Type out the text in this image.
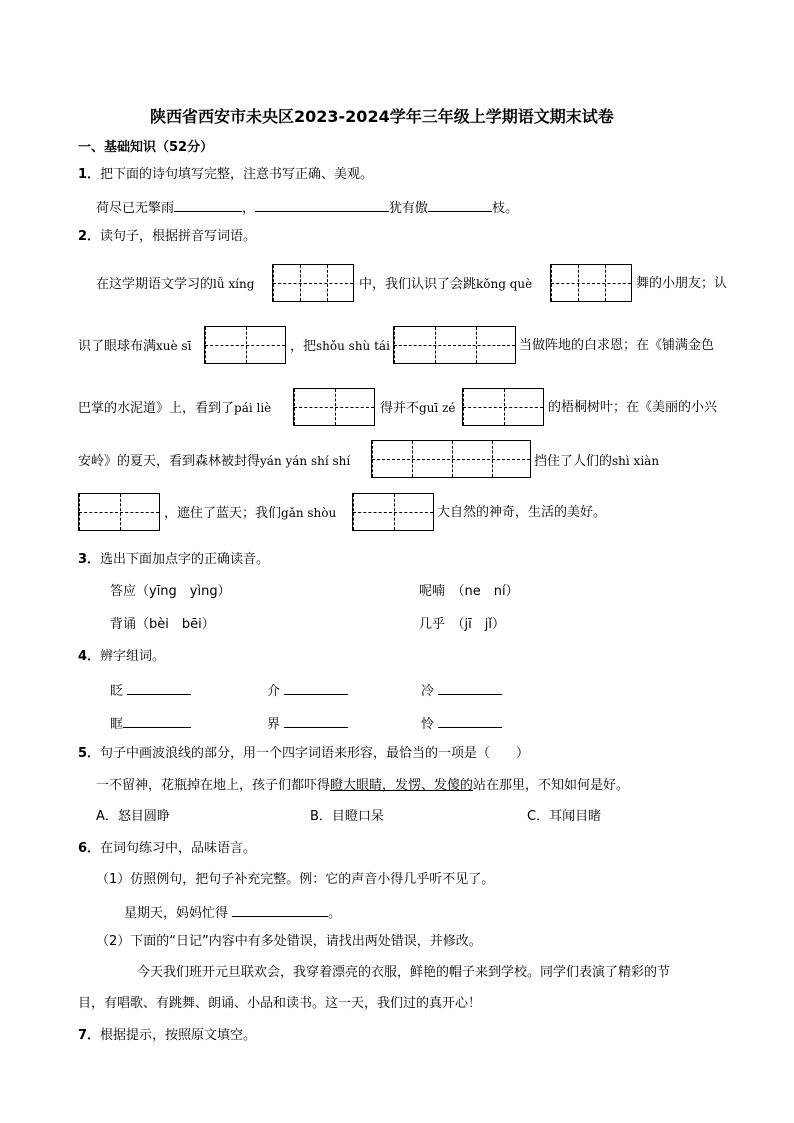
陕西省西安市未央区2023-2024学年三年级上学期语文期末试卷
一、基础知识（52分）
1．把下面的诗句填写完整，注意书写正确、美观。
荷尽已无擎雨	，	犹有傲	枝。
2．读句子，根据拼音写词语。
在这学期语文学习的lǚ xíng	中，我们认识了会跳kǒng què	舞的小朋友；认
识了眼球布满xuè sī	，把shǒu shù tái	当做阵地的白求恩；在《铺满金色
巴掌的水泥道》上，看到了pái liè	得并不guī zé	的梧桐树叶；在《美丽的小兴
安岭》的夏天，看到森林被封得yán yán shí shí	挡住了人们的shì xiàn
，遮住了蓝天；我们gǎn shòu	大自然的神奇，生活的美好。
3．选出下面加点字的正确读音。
答应（yīng　yìng）	呢喃　（ne　ní）
背诵（bèi　bēi）	几乎　（jī　jǐ）
4．辨字组词。
眨	介	冷
眶	界	怜
5．句子中画波浪线的部分，用一个四字词语来形容，最恰当的一项是（　　）
一不留神，花瓶掉在地上，孩子们都吓得瞪大眼睛，发愣、发傻的站在那里，不知如何是好。
A．怒目圆睁	B．目瞪口呆	C．耳闻目睹
6．在词句练习中，品味语言。
（1）仿照例句，把句子补充完整。例：它的声音小得几乎听不见了。
星期天，妈妈忙得	。
（2）下面的“日记”内容中有多处错误，请找出两处错误，并修改。
今天我们班开元旦联欢会，我穿着漂亮的衣服，鲜艳的帽子来到学校。同学们表演了精彩的节
目，有唱歌、有跳舞、朗诵、小品和读书。这一天，我们过的真开心！
7．根据提示，按照原文填空。
